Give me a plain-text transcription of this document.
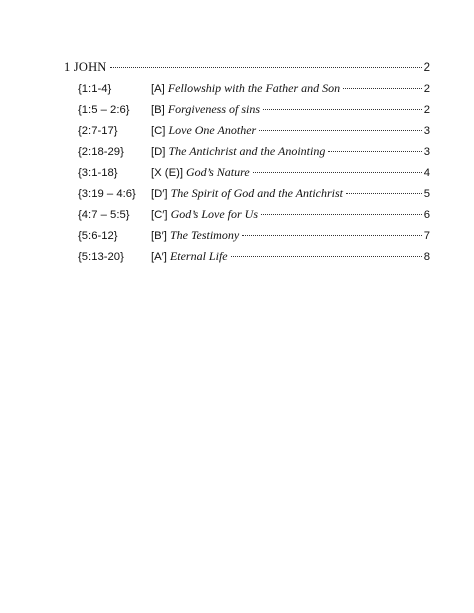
1 JOHN	2
{1:1-4}	[A] Fellowship with the Father and Son	2
{1:5 – 2:6}	[B] Forgiveness of sins	2
{2:7-17}	[C] Love One Another	3
{2:18-29}	[D] The Antichrist and the Anointing	3
{3:1-18}	[X (E)] God’s Nature	4
{3:19 – 4:6}	[D′] The Spirit of God and the Antichrist	5
{4:7 – 5:5}	[C′] God’s Love for Us	6
{5:6-12}	[B′] The Testimony	7
{5:13-20}	[A′] Eternal Life	8
